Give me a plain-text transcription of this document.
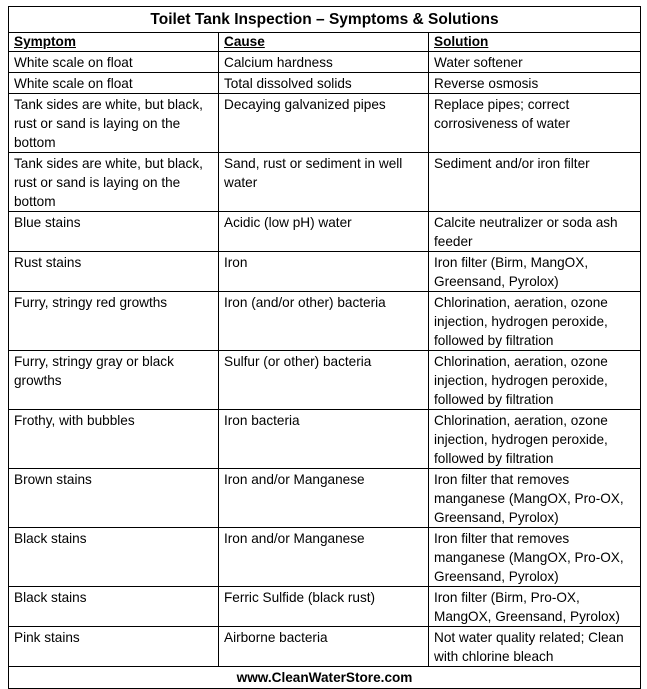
Toilet Tank Inspection – Symptoms & Solutions		
Symptom	Cause	Solution
White scale on float	Calcium hardness	Water softener
White scale on float	Total dissolved solids	Reverse osmosis
Tank sides are white, but black, rust or sand is laying on the bottom	Decaying galvanized pipes	Replace pipes; correct corrosiveness of water
Tank sides are white, but black, rust or sand is laying on the bottom	Sand, rust or sediment in well water	Sediment and/or iron filter
Blue stains	Acidic (low pH) water	Calcite neutralizer or soda ash feeder
Rust stains	Iron	Iron filter (Birm, MangOX, Greensand, Pyrolox)
Furry, stringy red growths	Iron (and/or other) bacteria	Chlorination, aeration, ozone injection, hydrogen peroxide, followed by filtration
Furry, stringy gray or black growths	Sulfur (or other) bacteria	Chlorination, aeration, ozone injection, hydrogen peroxide, followed by filtration
Frothy, with bubbles	Iron bacteria	Chlorination, aeration, ozone injection, hydrogen peroxide, followed by filtration
Brown stains	Iron and/or Manganese	Iron filter that removes manganese (MangOX, Pro-OX, Greensand, Pyrolox)
Black stains	Iron and/or Manganese	Iron filter that removes manganese (MangOX, Pro-OX, Greensand, Pyrolox)
Black stains	Ferric Sulfide (black rust)	Iron filter (Birm, Pro-OX, MangOX, Greensand, Pyrolox)
Pink stains	Airborne bacteria	Not water quality related; Clean with chlorine bleach
www.CleanWaterStore.com		
